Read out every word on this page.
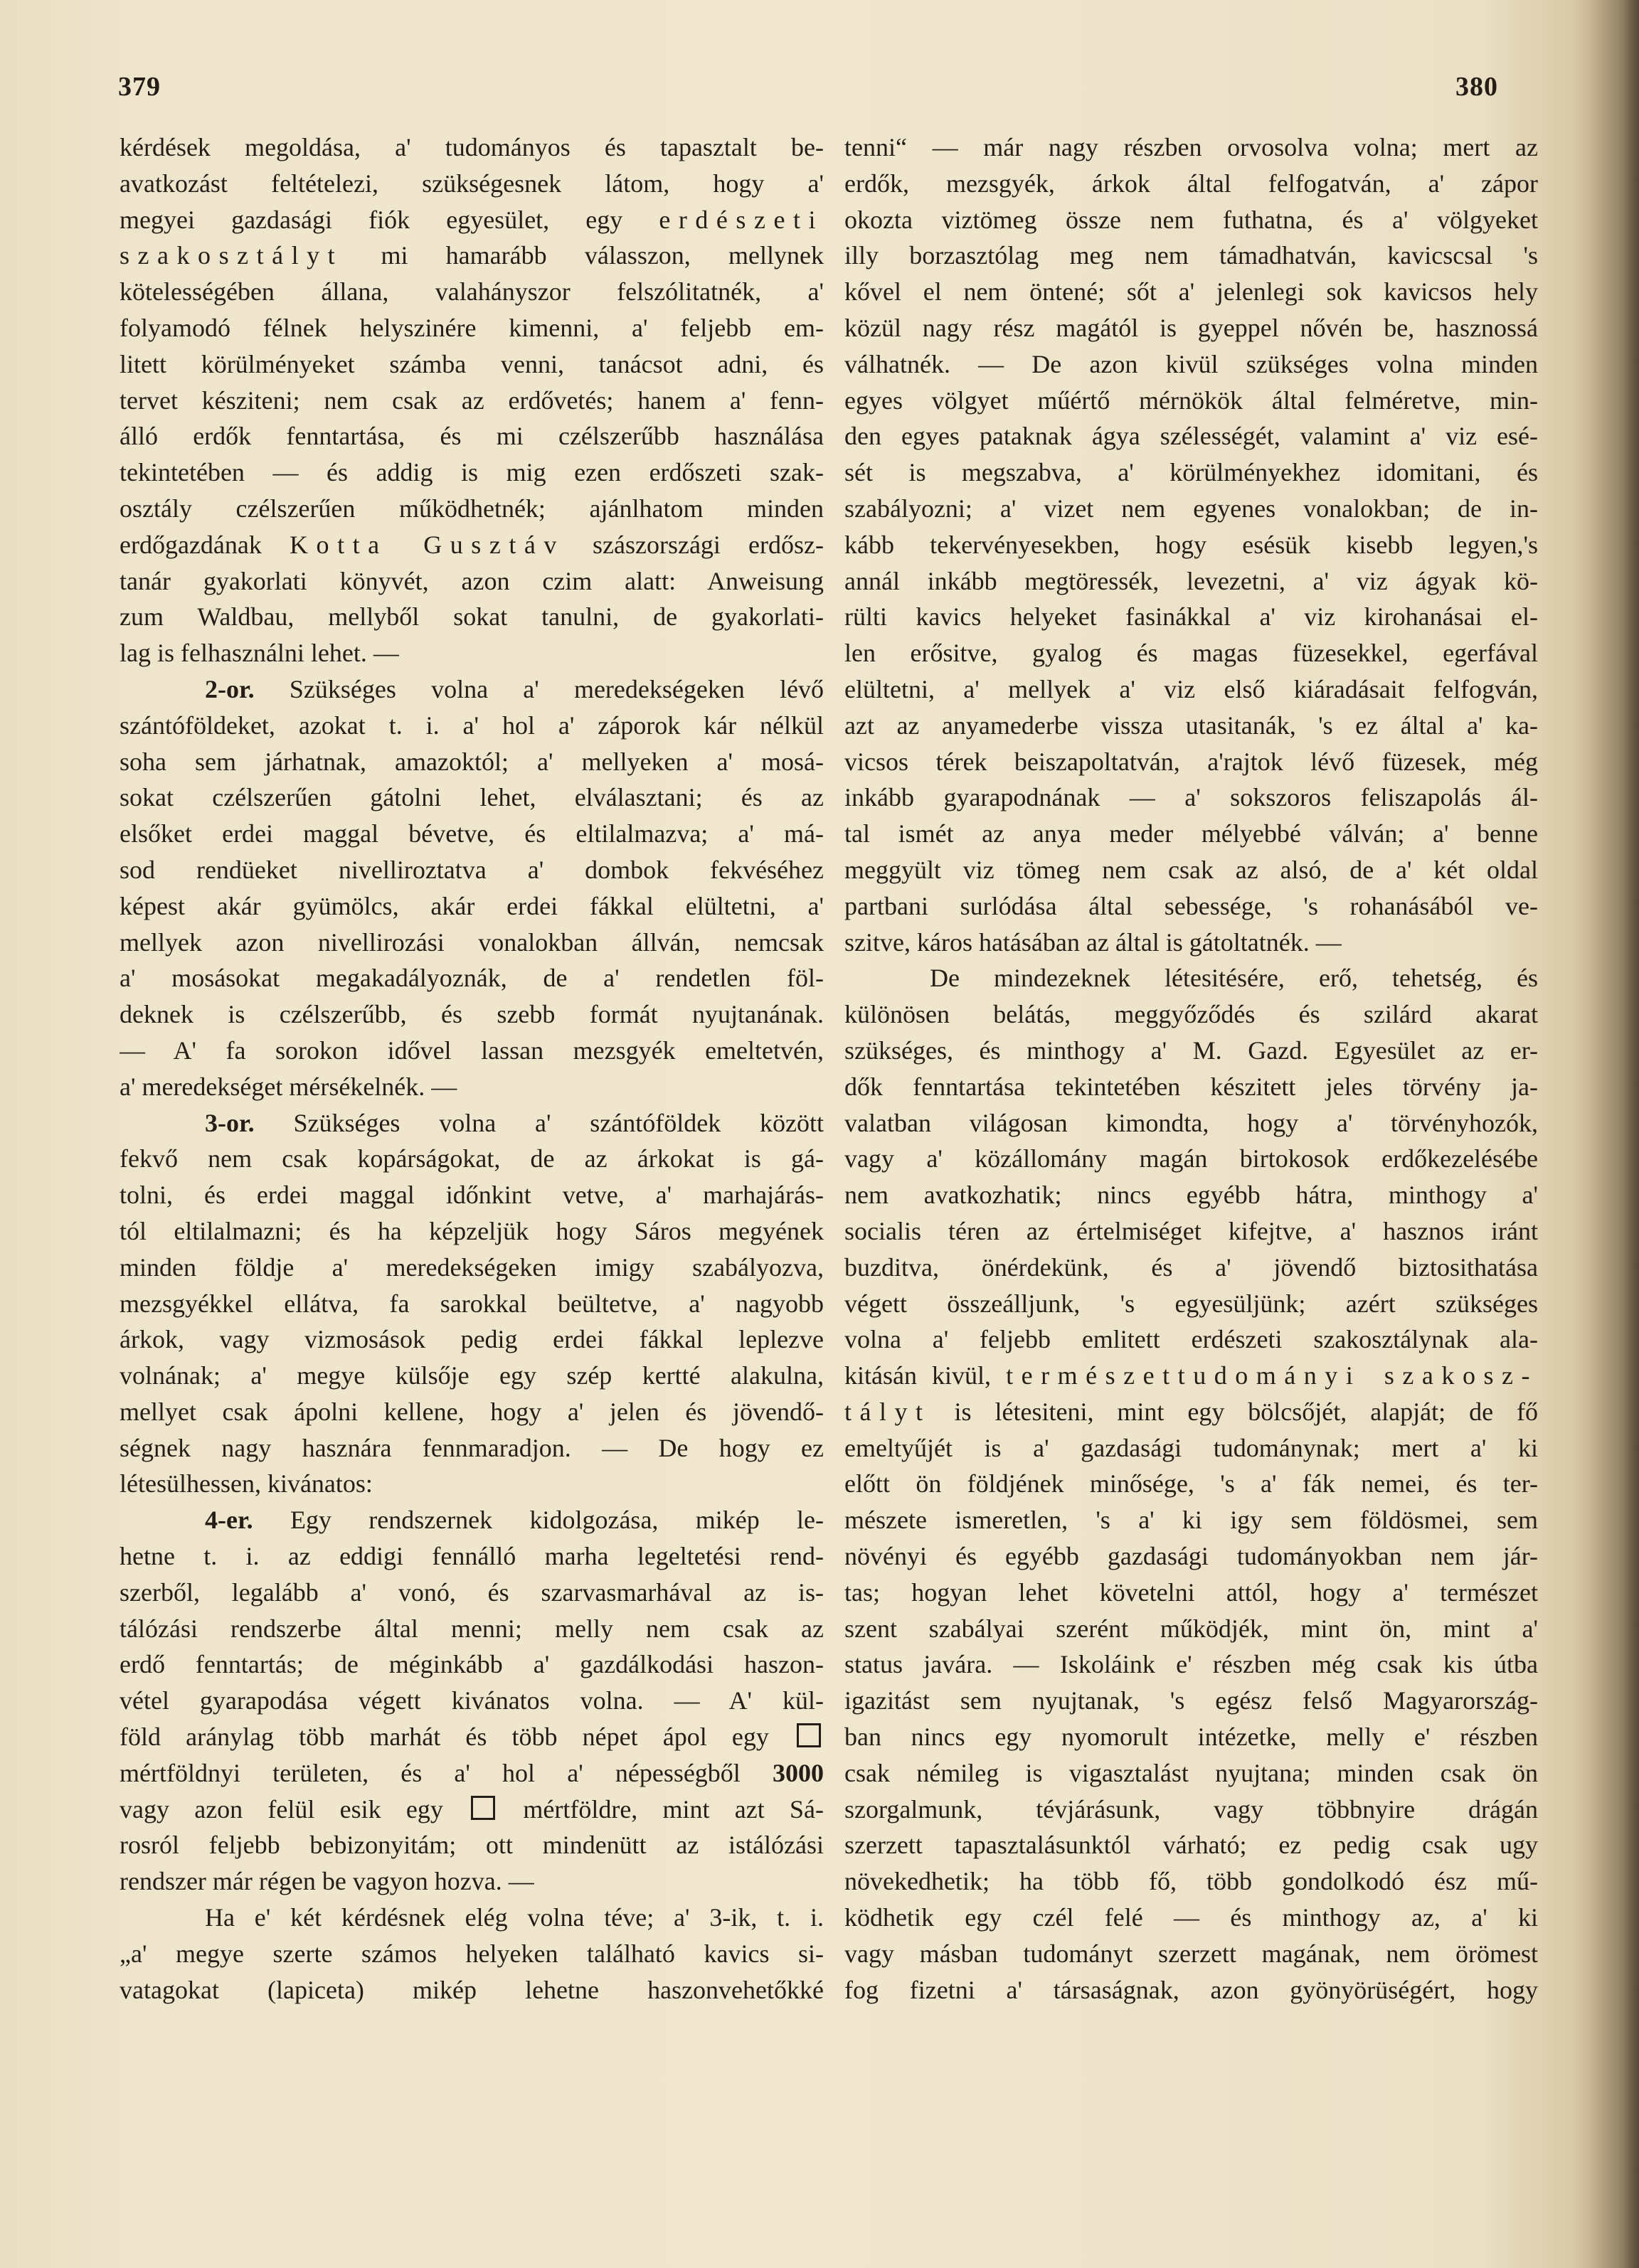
379	380
kérdések megoldása, a' tudományos és tapasztalt be-
avatkozást feltételezi, szükségesnek látom, hogy a'
megyei gazdasági fiók egyesület, egy erdészeti
szakosztályt mi hamarább válasszon, mellynek
kötelességében állana, valahányszor felszólitatnék, a'
folyamodó félnek helyszinére kimenni, a' feljebb em-
litett körülményeket számba venni, tanácsot adni, és
tervet késziteni; nem csak az erdővetés; hanem a' fenn-
álló erdők fenntartása, és mi czélszerűbb használása
tekintetében — és addig is mig ezen erdőszeti szak-
osztály czélszerűen működhetnék; ajánlhatom minden
erdőgazdának Kotta Gusztáv szászországi erdősz-
tanár gyakorlati könyvét, azon czim alatt: Anweisung
zum Waldbau, mellyből sokat tanulni, de gyakorlati-
lag is felhasználni lehet. —
2-or. Szükséges volna a' meredekségeken lévő
szántóföldeket, azokat t. i. a' hol a' záporok kár nélkül
soha sem járhatnak, amazoktól; a' mellyeken a' mosá-
sokat czélszerűen gátolni lehet, elválasztani; és az
elsőket erdei maggal bévetve, és eltilalmazva; a' má-
sod rendüeket nivelliroztatva a' dombok fekvéséhez
képest akár gyümölcs, akár erdei fákkal elültetni, a'
mellyek azon nivellirozási vonalokban állván, nemcsak
a' mosásokat megakadályoznák, de a' rendetlen föl-
deknek is czélszerűbb, és szebb formát nyujtanának.
— A' fa sorokon idővel lassan mezsgyék emeltetvén,
a' meredekséget mérsékelnék. —
3-or. Szükséges volna a' szántóföldek között
fekvő nem csak kopárságokat, de az árkokat is gá-
tolni, és erdei maggal időnkint vetve, a' marhajárás-
tól eltilalmazni; és ha képzeljük hogy Sáros megyének
minden földje a' meredekségeken imigy szabályozva,
mezsgyékkel ellátva, fa sarokkal beültetve, a' nagyobb
árkok, vagy vizmosások pedig erdei fákkal leplezve
volnának; a' megye külsője egy szép kertté alakulna,
mellyet csak ápolni kellene, hogy a' jelen és jövendő-
ségnek nagy hasznára fennmaradjon. — De hogy ez
létesülhessen, kivánatos:
4-er. Egy rendszernek kidolgozása, mikép le-
hetne t. i. az eddigi fennálló marha legeltetési rend-
szerből, legalább a' vonó, és szarvasmarhával az is-
tálózási rendszerbe által menni; melly nem csak az
erdő fenntartás; de méginkább a' gazdálkodási haszon-
vétel gyarapodása végett kivánatos volna. — A' kül-
föld aránylag több marhát és több népet ápol egy
mértföldnyi területen, és a' hol a' népességből 3000
vagy azon felül esik egy	mértföldre, mint azt Sá-
rosról feljebb bebizonyitám; ott mindenütt az istálózási
rendszer már régen be vagyon hozva. —
Ha e' két kérdésnek elég volna téve; a' 3-ik, t. i.
„a' megye szerte számos helyeken található kavics si-
vatagokat (lapiceta) mikép lehetne haszonvehetőkké
tenni“ — már nagy részben orvosolva volna; mert az
erdők, mezsgyék, árkok által felfogatván, a' zápor
okozta viztömeg össze nem futhatna, és a' völgyeket
illy borzasztólag meg nem támadhatván, kavicscsal 's
kővel el nem öntené; sőt a' jelenlegi sok kavicsos hely
közül nagy rész magától is gyeppel nővén be, hasznossá
válhatnék. — De azon kivül szükséges volna minden
egyes völgyet műértő mérnökök által felméretve, min-
den egyes pataknak ágya szélességét, valamint a' viz esé-
sét is megszabva, a' körülményekhez idomitani, és
szabályozni; a' vizet nem egyenes vonalokban; de in-
kább tekervényesekben, hogy esésük kisebb legyen,'s
annál inkább megtöressék, levezetni, a' viz ágyak kö-
rülti kavics helyeket fasinákkal a' viz kirohanásai el-
len erősitve, gyalog és magas füzesekkel, egerfával
elültetni, a' mellyek a' viz első kiáradásait felfogván,
azt az anyamederbe vissza utasitanák, 's ez által a' ka-
vicsos térek beiszapoltatván, a'rajtok lévő füzesek, még
inkább gyarapodnának — a' sokszoros feliszapolás ál-
tal ismét az anya meder mélyebbé válván; a' benne
meggyült viz tömeg nem csak az alsó, de a' két oldal
partbani surlódása által sebessége, 's rohanásából ve-
szitve, káros hatásában az által is gátoltatnék. —
De mindezeknek létesitésére, erő, tehetség, és
különösen belátás, meggyőződés és szilárd akarat
szükséges, és minthogy a' M. Gazd. Egyesület az er-
dők fenntartása tekintetében készitett jeles törvény ja-
valatban világosan kimondta, hogy a' törvényhozók,
vagy a' közállomány magán birtokosok erdőkezelésébe
nem avatkozhatik; nincs egyébb hátra, minthogy a'
socialis téren az értelmiséget kifejtve, a' hasznos iránt
buzditva, önérdekünk, és a' jövendő biztosithatása
végett összeálljunk, 's egyesüljünk; azért szükséges
volna a' feljebb emlitett erdészeti szakosztálynak ala-
kitásán kivül, természettudományi szakosz-
tályt is létesiteni, mint egy bölcsőjét, alapját; de fő
emeltyűjét is a' gazdasági tudománynak; mert a' ki
előtt ön földjének minősége, 's a' fák nemei, és ter-
mészete ismeretlen, 's a' ki igy sem földösmei, sem
növényi és egyébb gazdasági tudományokban nem jár-
tas; hogyan lehet követelni attól, hogy a' természet
szent szabályai szerént működjék, mint ön, mint a'
status javára. — Iskoláink e' részben még csak kis útba
igazitást sem nyujtanak, 's egész felső Magyarország-
ban nincs egy nyomorult intézetke, melly e' részben
csak némileg is vigasztalást nyujtana; minden csak ön
szorgalmunk, tévjárásunk, vagy többnyire drágán
szerzett tapasztalásunktól várható; ez pedig csak ugy
növekedhetik; ha több fő, több gondolkodó ész mű-
ködhetik egy czél felé — és minthogy az, a' ki
vagy másban tudományt szerzett magának, nem örömest
fog fizetni a' társaságnak, azon gyönyörüségért, hogy
